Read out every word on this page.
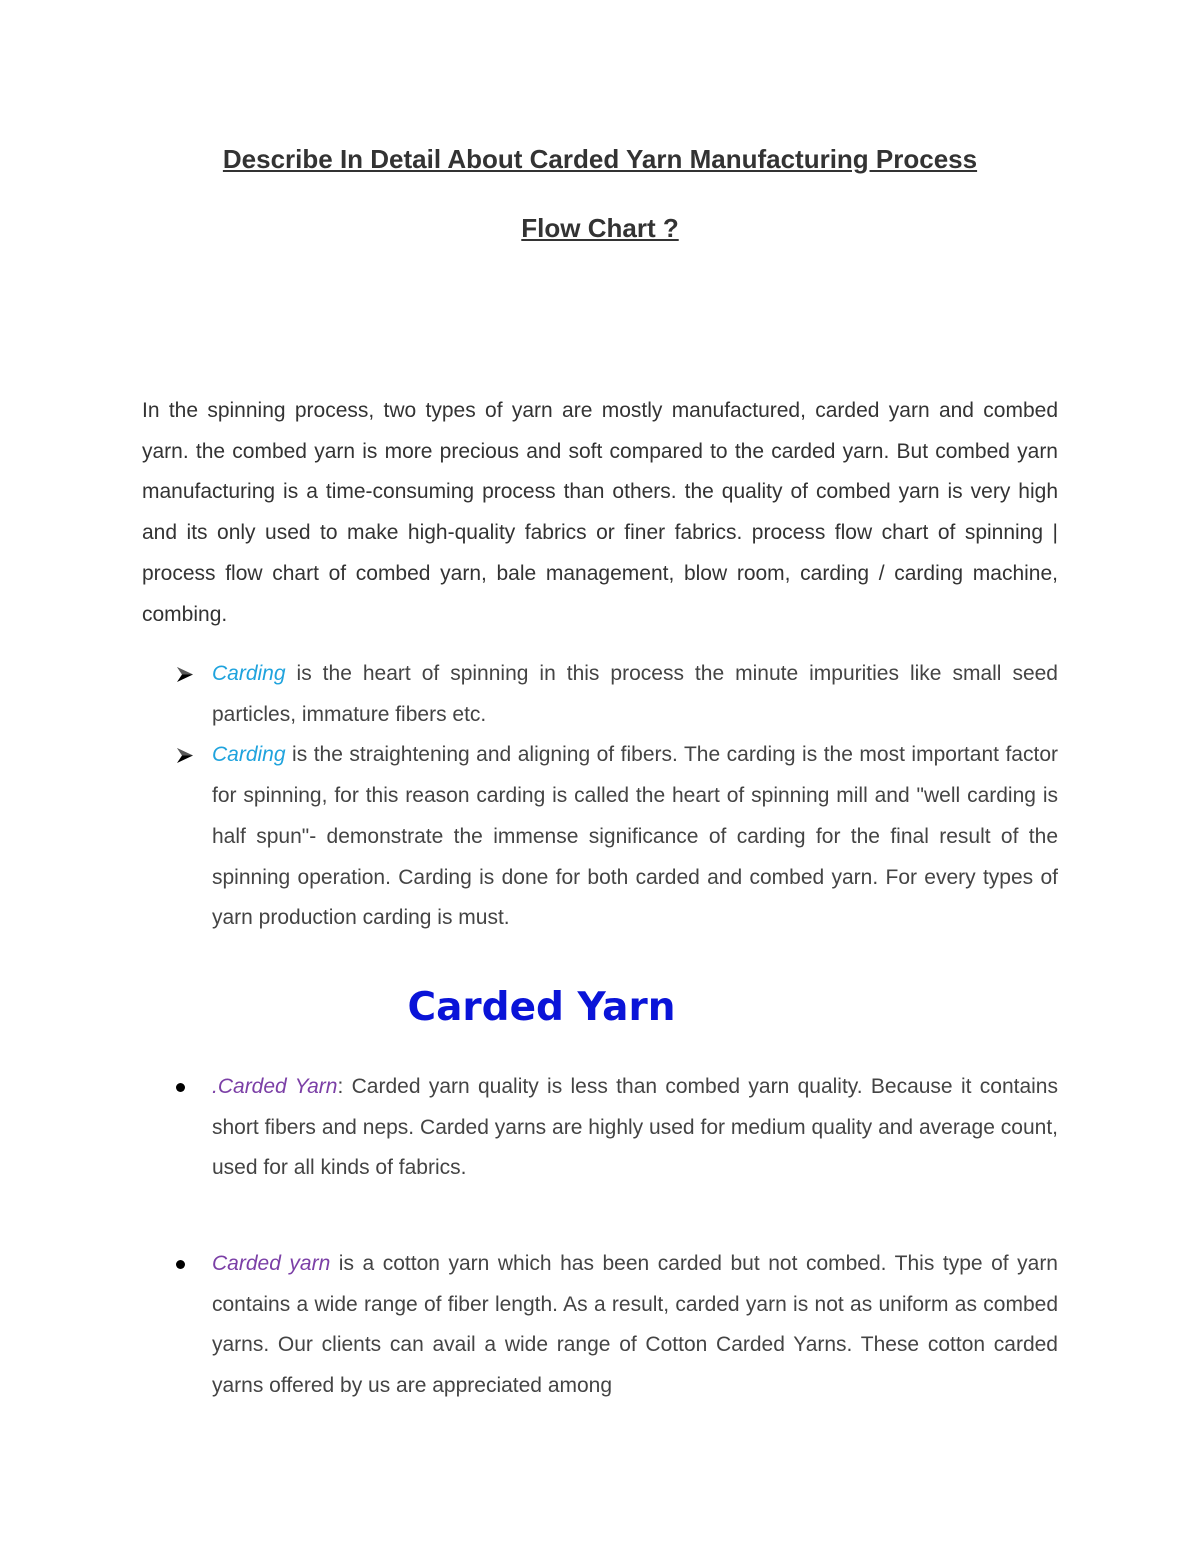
Describe In Detail About Carded Yarn Manufacturing Process
Flow Chart ?

In the spinning process, two types of yarn are mostly manufactured, carded yarn and combed yarn. the combed yarn is more precious and soft compared to the carded yarn. But combed yarn manufacturing is a time-consuming process than others. the quality of combed yarn is very high and its only used to make high-quality fabrics or finer fabrics. process flow chart of spinning | process flow chart of combed yarn, bale management, blow room, carding / carding machine, combing.

Carding is the heart of spinning in this process the minute impurities like small seed particles, immature fibers etc.
Carding is the straightening and aligning of fibers. The carding is the most important factor for spinning, for this reason carding is called the heart of spinning mill and "well carding is half spun"- demonstrate the immense significance of carding for the final result of the spinning operation. Carding is done for both carded and combed yarn. For every types of yarn production carding is must.
Carded Yarn
.Carded Yarn: Carded yarn quality is less than combed yarn quality. Because it contains short fibers and neps. Carded yarns are highly used for medium quality and average count, used for all kinds of fabrics.
Carded yarn is a cotton yarn which has been carded but not combed. This type of yarn contains a wide range of fiber length. As a result, carded yarn is not as uniform as combed yarns. Our clients can avail a wide range of Cotton Carded Yarns. These cotton carded yarns offered by us are appreciated among
